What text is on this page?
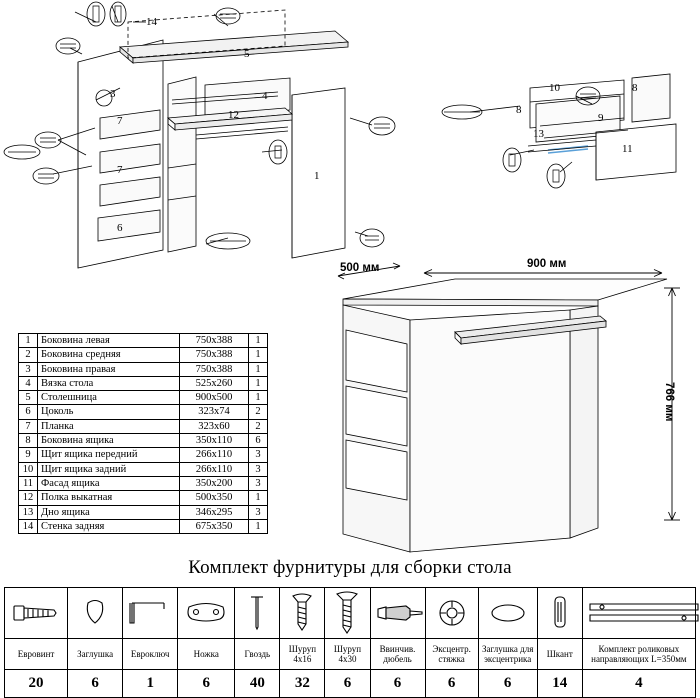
14
5
4
3
7
7
12
1
6
10	8
8
9
13
11
500 мм	900 мм
766 мм
1	Боковина левая	750x388	1
2	Боковина средняя	750x388	1
3	Боковина правая	750x388	1
4	Вязка стола	525x260	1
5	Столешница	900x500	1
6	Цоколь	323x74	2
7	Планка	323x60	2
8	Боковина ящика	350x110	6
9	Щит ящика передний	266x110	3
10	Щит ящика задний	266x110	3
11	Фасад ящика	350x200	3
12	Полка выкатная	500x350	1
13	Дно ящика	346x295	3
14	Стенка задняя	675x350	1
Комплект фурнитуры для сборки стола

Евровинт	Заглушка	Евроключ	Ножка	Гвоздь	Шуруп 4x16	Шуруп 4x30	Ввинчив. дюбель	Эксцентр. стяжка	Заглушка для эксцентрика	Шкант	Комплект роликовых направляющих L=350мм
20	6	1	6	40	32	6	6	6	6	14	4
